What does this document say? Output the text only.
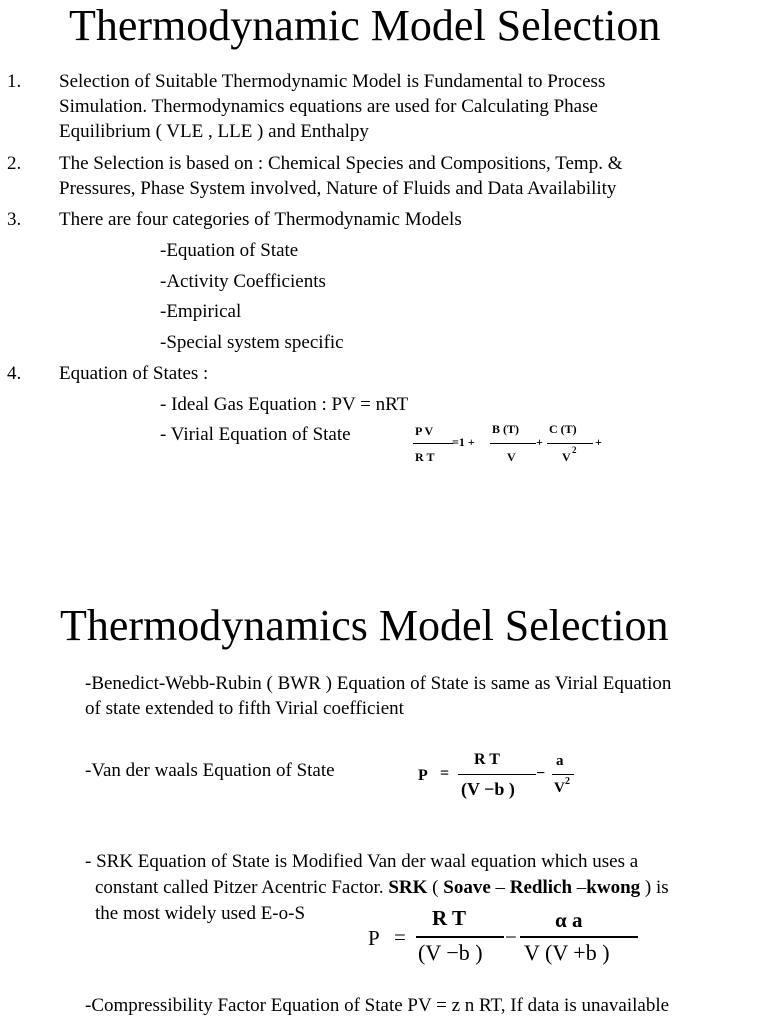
Thermodynamic Model Selection
1. Selection of Suitable Thermodynamic Model is Fundamental to Process
Simulation. Thermodynamics equations are used for Calculating Phase
Equilibrium ( VLE , LLE ) and Enthalpy
2. The Selection is based on : Chemical Species and Compositions, Temp. &
Pressures, Phase System involved, Nature of Fluids and Data Availability
3. There are four categories of Thermodynamic Models
-Equation of State
-Activity Coefficients
-Empirical
-Special system specific
4. Equation of States :
- Ideal Gas Equation : PV = nRT
- Virial Equation of State	P V
R T
=1 +
B (T)
V
+
C (T)
V 2
+
Thermodynamics Model Selection
-Benedict-Webb-Rubin ( BWR ) Equation of State is same as Virial Equation
of state extended to fifth Virial coefficient
-Van der waals Equation of State	P =
R T
(V −b )
−
a
V 2
- SRK Equation of State is Modified Van der waal equation which uses a
constant called Pitzer Acentric Factor. SRK ( Soave – Redlich –kwong ) is
the most widely used E-o-S
P =
R T
(V −b )
−
α a
V (V +b )
-Compressibility Factor Equation of State PV = z n RT, If data is unavailable
